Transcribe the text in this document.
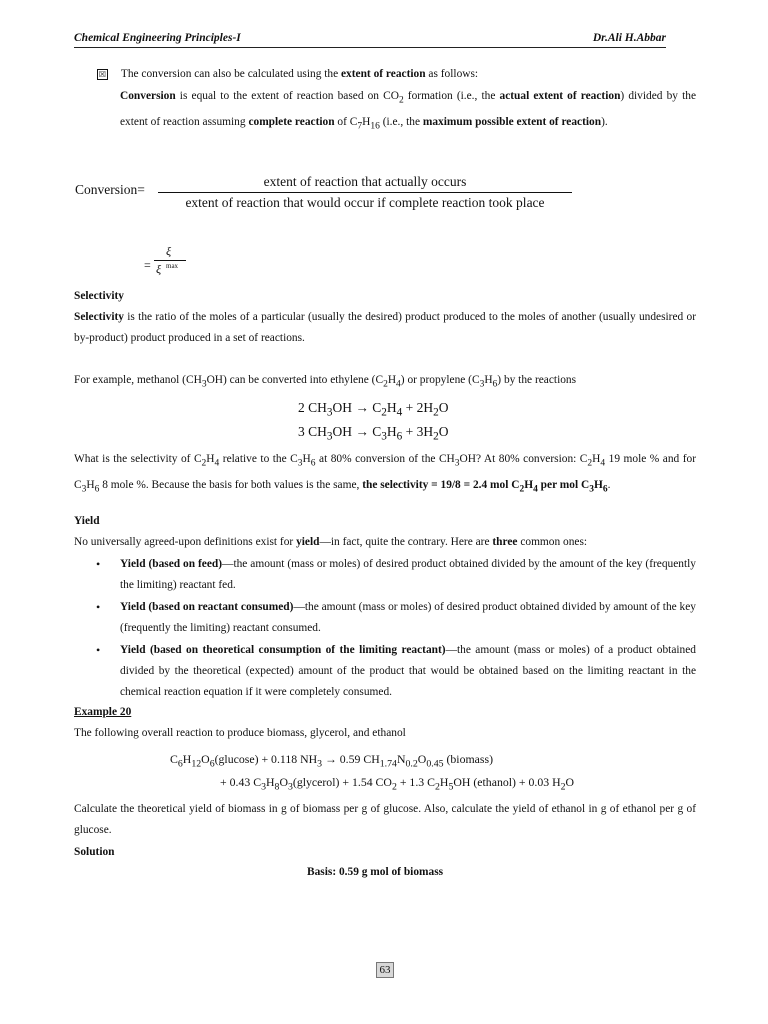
Chemical Engineering Principles-I	Dr.Ali H.Abbar
☒ The conversion can also be calculated using the extent of reaction as follows:
Conversion is equal to the extent of reaction based on $CO_2$ formation (i.e., the actual extent of reaction) divided by the extent of reaction assuming complete reaction of $C_7H_{16}$ (i.e., the maximum possible extent of reaction).
Conversion=
extent of reaction that actually occurs
extent of reaction that would occur if complete reaction took place
=
ξ
ξ max
Selectivity
Selectivity is the ratio of the moles of a particular (usually the desired) product produced to the moles of another (usually undesired or by-product) product produced in a set of reactions.
For example, methanol $(CH_3OH)$ can be converted into ethylene $(C_2H_4)$ or propylene $(C_3H_6)$ by the reactions
2 $CH_3OH \to C_2H_4 + 2H_2O$
3 $CH_3OH \to C_3H_6 + 3H_2O$
What is the selectivity of $C_2H_4$ relative to the $C_3H_6$ at 80% conversion of the $CH_3OH$? At 80% conversion: $C_2H_4$ 19 mole % and for $C_3H_6$ 8 mole %. Because the basis for both values is the same, the selectivity = 19/8 = 2.4 mol $C_2H_4$ per mol $C_3H_6$.
Yield
No universally agreed-upon definitions exist for yield—in fact, quite the contrary. Here are three common ones:
• Yield (based on feed)—the amount (mass or moles) of desired product obtained divided by the amount of the key (frequently the limiting) reactant fed.
• Yield (based on reactant consumed)—the amount (mass or moles) of desired product obtained divided by amount of the key (frequently the limiting) reactant consumed.
• Yield (based on theoretical consumption of the limiting reactant)—the amount (mass or moles) of a product obtained divided by the theoretical (expected) amount of the product that would be obtained based on the limiting reactant in the chemical reaction equation if it were completely consumed.
Example 20
The following overall reaction to produce biomass, glycerol, and ethanol
$C_6H_{12}O_6(glucose) + 0.118$ $NH_3 \to 0.59$ $CH_{1.74}N_{0.2}O_{0.45}$ (biomass)
+ 0.43 $C_3H_8O_3(glycerol) + 1.54$ $CO_2 + 1.3$ $C_2H_5OH$ (ethanol) + 0.03 $H_2O$
Calculate the theoretical yield of biomass in g of biomass per g of glucose. Also, calculate the yield of ethanol in g of ethanol per g of glucose.
Solution
Basis: 0.59 g mol of biomass
63
